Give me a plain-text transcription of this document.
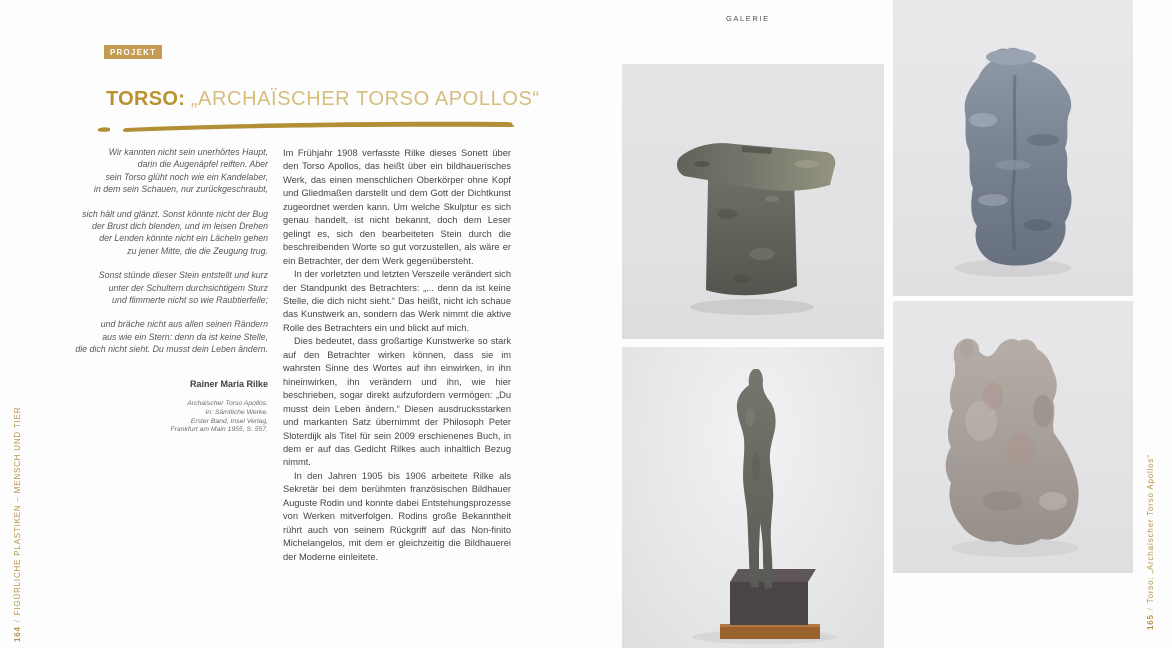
GALERIE
PROJEKT
TORSO: „ARCHAÏSCHER TORSO APOLLOS“
Wir kannten nicht sein unerhörtes Haupt,
darin die Augenäpfel reiften. Aber
sein Torso glüht noch wie ein Kandelaber,
in dem sein Schauen, nur zurückgeschraubt,
sich hält und glänzt. Sonst könnte nicht der Bug
der Brust dich blenden, und im leisen Drehen
der Lenden könnte nicht ein Lächeln gehen
zu jener Mitte, die die Zeugung trug.
Sonst stünde dieser Stein entstellt und kurz
unter der Schultern durchsichtigem Sturz
und flimmerte nicht so wie Raubtierfelle;
und bräche nicht aus allen seinen Rändern
aus wie ein Stern: denn da ist keine Stelle,
die dich nicht sieht. Du musst dein Leben ändern.
Rainer Maria Rilke
Archaïscher Torso Apollos.
In: Sämtliche Werke.
Erster Band, Insel Verlag,
Frankfurt am Main 1955, S. 557.

Im Frühjahr 1908 verfasste Rilke dieses Sonett über den Torso Apollos, das heißt über ein bildhauerisches Werk, das einen menschlichen Oberkörper ohne Kopf und Gliedmaßen darstellt und dem Gott der Dichtkunst zugeordnet werden kann. Um welche Skulptur es sich genau handelt, ist nicht bekannt, doch dem Leser gelingt es, sich den bearbeiteten Stein durch die beschreibenden Worte so gut vorzustellen, als wäre er ein Betrachter, der dem Werk gegenübersteht.

In der vorletzten und letzten Verszeile verändert sich der Standpunkt des Betrachters: „... denn da ist keine Stelle, die dich nicht sieht.“ Das heißt, nicht ich schaue das Kunstwerk an, sondern das Werk nimmt die aktive Rolle des Betrachters ein und blickt auf mich.

Dies bedeutet, dass großartige Kunstwerke so stark auf den Betrachter wirken können, dass sie im wahrsten Sinne des Wortes auf ihn einwirken, in ihn hineinwirken, ihn verändern und ihn, wie hier beschrieben, sogar direkt aufzufordern vermögen: „Du musst dein Leben ändern.“ Diesen ausdrucksstarken und markanten Satz übernimmt der Philosoph Peter Sloterdijk als Titel für sein 2009 erschienenes Buch, in dem er auf das Gedicht Rilkes auch inhaltlich Bezug nimmt.

In den Jahren 1905 bis 1906 arbeitete Rilke als Sekretär bei dem berühmten französischen Bildhauer Auguste Rodin und konnte dabei Entstehungsprozesse von Werken mitverfolgen. Rodins große Bekanntheit rührt auch von seinem Rückgriff auf das Non-finito Michelangelos, mit dem er gleichzeitig die Bildhauerei der Moderne einleitete.

164/FIGÜRLICHE PLASTIKEN – MENSCH UND TIER
165/Torso: „Archaïscher Torso Apollos“
